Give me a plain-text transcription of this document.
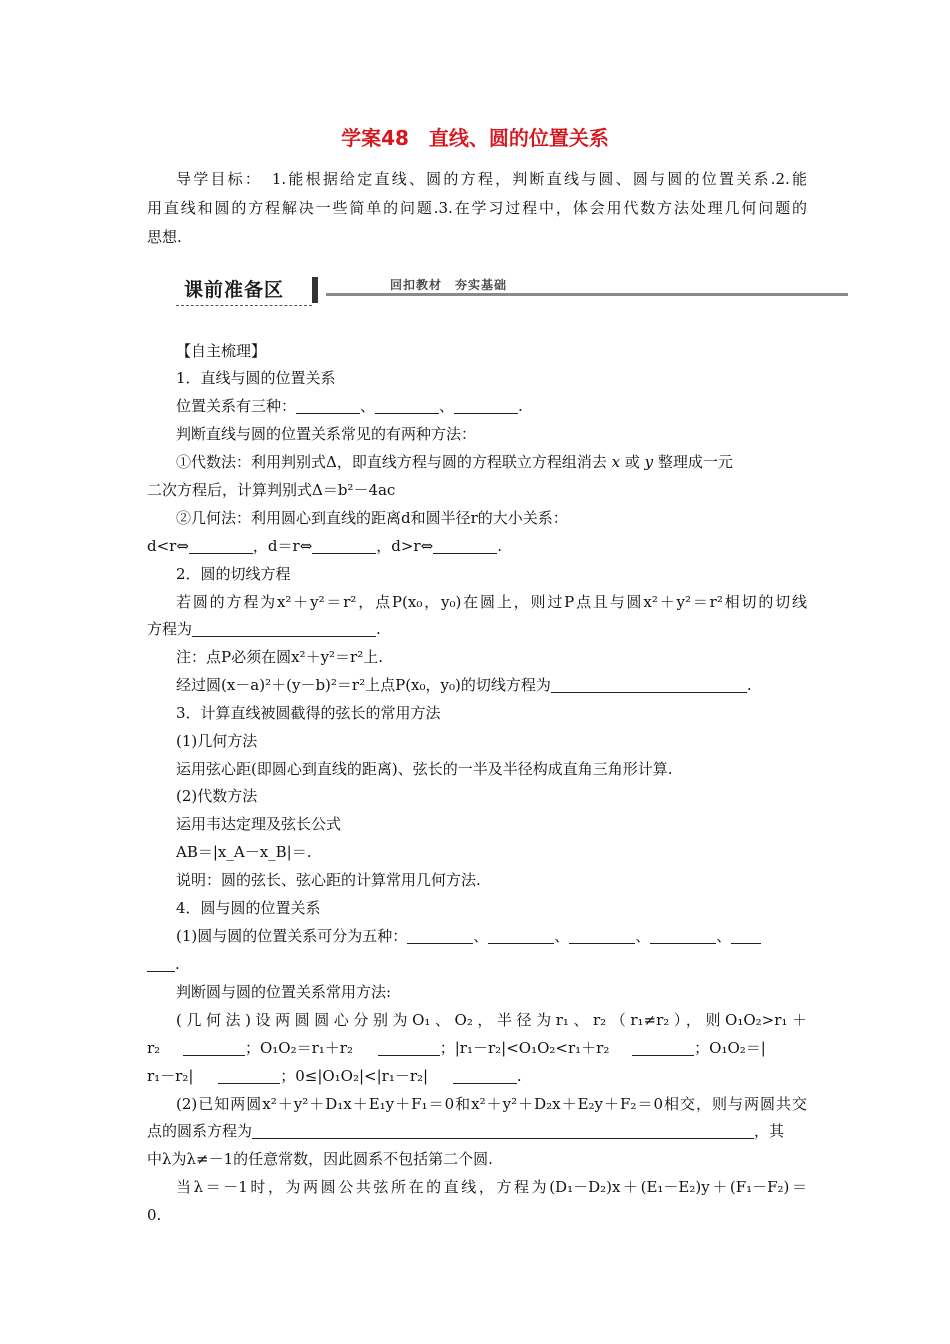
学案48　直线、圆的位置关系
导学目标：　1.能根据给定直线、圆的方程，判断直线与圆、圆与圆的位置关系.2.能
用直线和圆的方程解决一些简单的问题.3.在学习过程中，体会用代数方法处理几何问题的
思想.
课前准备区	回扣教材　夯实基础
【自主梳理】
1．直线与圆的位置关系
位置关系有三种：	、	、	.
判断直线与圆的位置关系常见的有两种方法：
①代数法：利用判别式Δ，即直线方程与圆的方程联立方程组消去 x 或 y 整理成一元
二次方程后，计算判别式Δ＝b²－4ac
②几何法：利用圆心到直线的距离d和圆半径r的大小关系：
d<r⇔	，d＝r⇔	，d>r⇔	.
2．圆的切线方程
若圆的方程为x²＋y²＝r²，点P(x₀，y₀)在圆上，则过P点且与圆x²＋y²＝r²相切的切线
方程为	.
注：点P必须在圆x²＋y²＝r²上.
经过圆(x－a)²＋(y－b)²＝r²上点P(x₀，y₀)的切线方程为	.
3．计算直线被圆截得的弦长的常用方法
(1)几何方法
运用弦心距(即圆心到直线的距离)、弦长的一半及半径构成直角三角形计算.
(2)代数方法
运用韦达定理及弦长公式
AB＝|x_A－x_B|＝.
说明：圆的弦长、弦心距的计算常用几何方法.
4．圆与圆的位置关系
(1)圆与圆的位置关系可分为五种：	、	、	、	、
.
判断圆与圆的位置关系常用方法:
(几何法)设两圆圆心分别为O₁、O₂，半径为r₁、r₂（r₁≠r₂），则O₁O₂>r₁＋
r₂	；O₁O₂＝r₁＋r₂	；|r₁－r₂|<O₁O₂<r₁＋r₂	；O₁O₂＝|
r₁－r₂|	；0≤|O₁O₂|<|r₁－r₂|	.
(2)已知两圆x²＋y²＋D₁x＋E₁y＋F₁＝0和x²＋y²＋D₂x＋E₂y＋F₂＝0相交，则与两圆共交
点的圆系方程为	，其
中λ为λ≠－1的任意常数，因此圆系不包括第二个圆.
当λ＝－1时，为两圆公共弦所在的直线，方程为(D₁－D₂)x＋(E₁－E₂)y＋(F₁－F₂)＝
0.
